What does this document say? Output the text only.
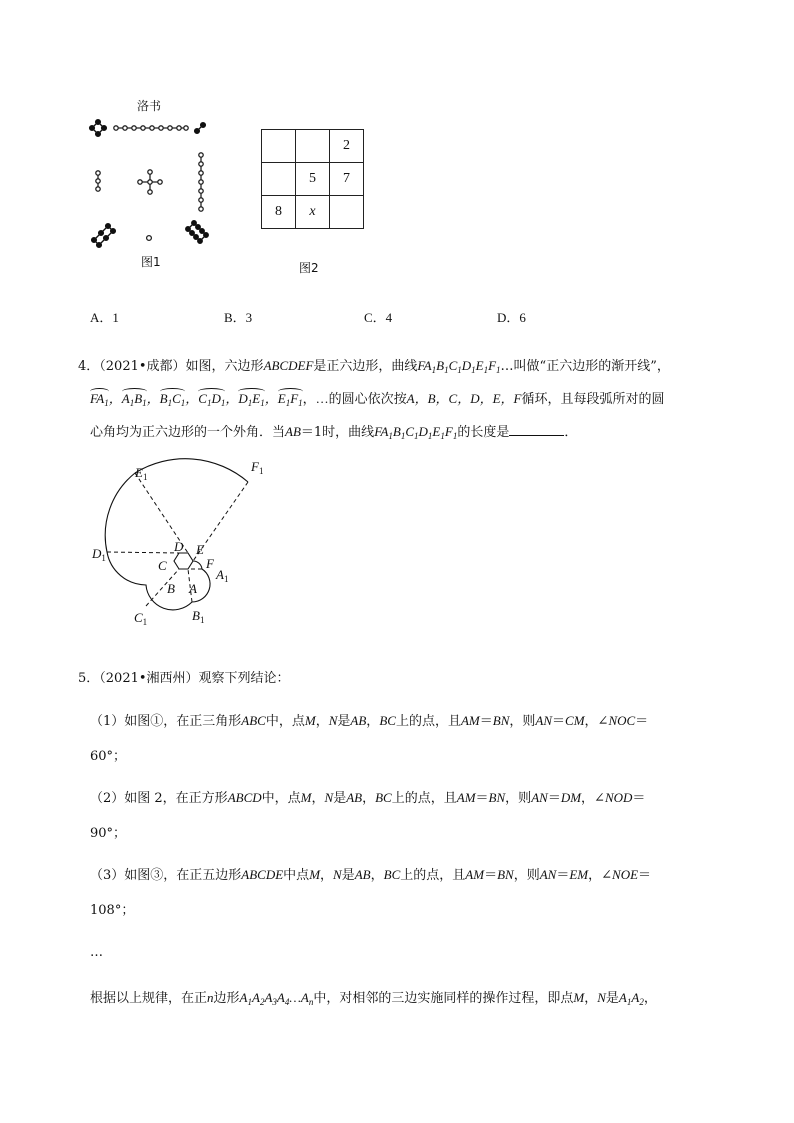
洛书
图1
		2
	5	7
8	x	
图2
A．1	B．3	C．4	D．6
4．（2021•成都）如图，六边形ABCDEF是正六边形，曲线$FA_1B_1C_1D_1E_1F_1\dots$叫做“正六边形的渐开线”，
$FA_1$，$A_1B_1$，$B_1C_1$，$C_1D_1$，$D_1E_1$，$E_1F_1$，…的圆心依次按A，B，C，D，E，F循环，且每段弧所对的圆
心角均为正六边形的一个外角．当AB＝1时，曲线$FA_1B_1C_1D_1E_1F_1$的长度是	．
$E_1$
$F_1$
$D_1$
$C_1$	$B_1$
$A_1$
D E
C	F
B A
5．（2021•湘西州）观察下列结论：
（1）如图①，在正三角形ABC中，点M，N是AB，BC上的点，且AM＝BN，则AN＝CM，∠NOC＝
60°；
（2）如图 2，在正方形ABCD中，点M，N是AB，BC上的点，且AM＝BN，则AN＝DM，∠NOD＝
90°；
（3）如图③，在正五边形ABCDE中点M，N是AB，BC上的点，且AM＝BN，则AN＝EM，∠NOE＝
108°；
…
根据以上规律，在正n边形$A_1A_2A_3A_4\dots A_n$中，对相邻的三边实施同样的操作过程，即点M，N是$A_1A_2$，
